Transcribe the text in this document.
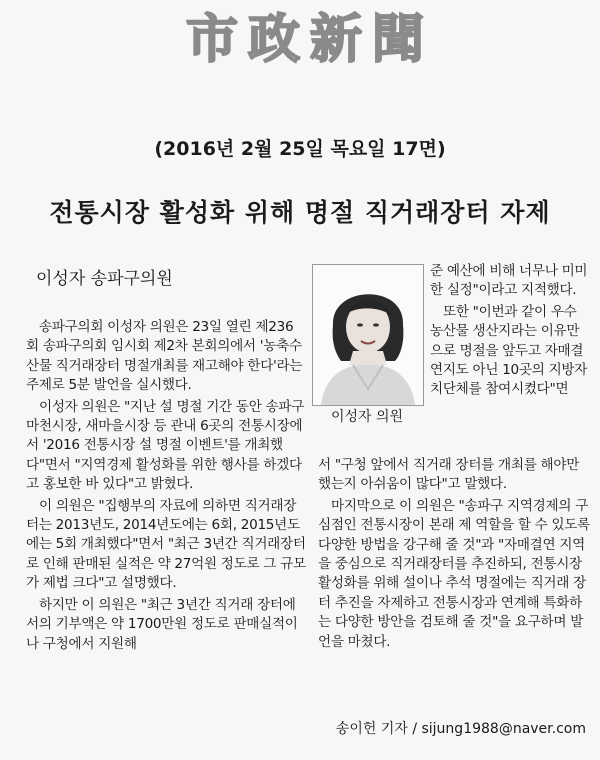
市政新聞
(2016년 2월 25일 목요일 17면)
전통시장 활성화 위해 명절 직거래장터 자제
이성자 송파구의원

송파구의회 이성자 의원은 23일 열린 제236회 송파구의회 임시회 제2차 본회의에서 '농축수산물 직거래장터 명절개최를 재고해야 한다'라는 주제로 5분 발언을 실시했다.

이성자 의원은 "지난 설 명절 기간 동안 송파구 마천시장, 새마을시장 등 관내 6곳의 전통시장에서 '2016 전통시장 설 명절 이벤트'를 개최했다"면서 "지역경제 활성화를 위한 행사를 하겠다고 홍보한 바 있다"고 밝혔다.

이 의원은 "집행부의 자료에 의하면 직거래장터는 2013년도, 2014년도에는 6회, 2015년도에는 5회 개최했다"면서 "최근 3년간 직거래장터로 인해 판매된 실적은 약 27억원 정도로 그 규모가 제법 크다"고 설명했다.

하지만 이 의원은 "최근 3년간 직거래 장터에서의 기부액은 약 1700만원 정도로 판매실적이나 구청에서 지원해

이성자 의원

준 예산에 비해 너무나 미미한 실정"이라고 지적했다.

또한 "이번과 같이 우수농산물 생산지라는 이유만으로 명절을 앞두고 자매결연지도 아닌 10곳의 지방자치단체를 참여시켰다"면

서 "구청 앞에서 직거래 장터를 개최를 해야만 했는지 아쉬움이 많다"고 말했다.

마지막으로 이 의원은 "송파구 지역경제의 구심점인 전통시장이 본래 제 역할을 할 수 있도록 다양한 방법을 강구해 줄 것"과 "자매결연 지역을 중심으로 직거래장터를 추진하되, 전통시장 활성화를 위해 설이나 추석 명절에는 직거래 장터 추진을 자제하고 전통시장과 연계해 특화하는 다양한 방안을 검토해 줄 것"을 요구하며 발언을 마쳤다.

송이헌 기자 / sijung1988@naver.com
